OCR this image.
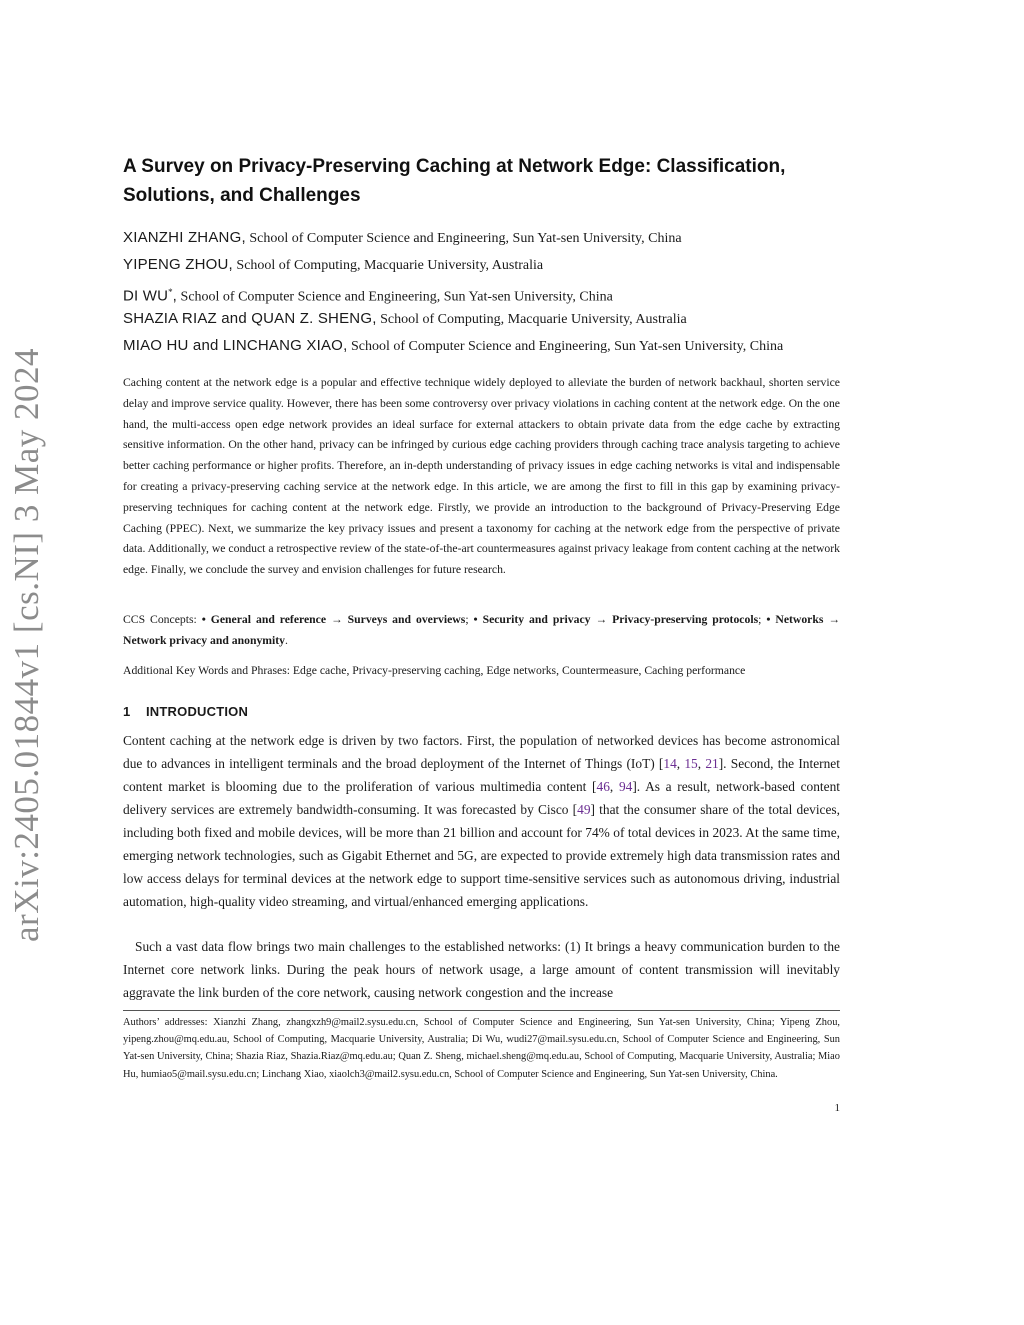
arXiv:2405.01844v1 [cs.NI] 3 May 2024
A Survey on Privacy-Preserving Caching at Network Edge: Classification, Solutions, and Challenges
XIANZHI ZHANG, School of Computer Science and Engineering, Sun Yat-sen University, China
YIPENG ZHOU, School of Computing, Macquarie University, Australia
DI WU*, School of Computer Science and Engineering, Sun Yat-sen University, China
SHAZIA RIAZ and QUAN Z. SHENG, School of Computing, Macquarie University, Australia
MIAO HU and LINCHANG XIAO, School of Computer Science and Engineering, Sun Yat-sen University, China

Caching content at the network edge is a popular and effective technique widely deployed to alleviate the burden of network backhaul, shorten service delay and improve service quality. However, there has been some controversy over privacy violations in caching content at the network edge. On the one hand, the multi-access open edge network provides an ideal surface for external attackers to obtain private data from the edge cache by extracting sensitive information. On the other hand, privacy can be infringed by curious edge caching providers through caching trace analysis targeting to achieve better caching performance or higher profits. Therefore, an in-depth understanding of privacy issues in edge caching networks is vital and indispensable for creating a privacy-preserving caching service at the network edge. In this article, we are among the first to fill in this gap by examining privacy-preserving techniques for caching content at the network edge. Firstly, we provide an introduction to the background of Privacy-Preserving Edge Caching (PPEC). Next, we summarize the key privacy issues and present a taxonomy for caching at the network edge from the perspective of private data. Additionally, we conduct a retrospective review of the state-of-the-art countermeasures against privacy leakage from content caching at the network edge. Finally, we conclude the survey and envision challenges for future research.

CCS Concepts: • General and reference → Surveys and overviews; • Security and privacy → Privacy-preserving protocols; • Networks → Network privacy and anonymity.

Additional Key Words and Phrases: Edge cache, Privacy-preserving caching, Edge networks, Countermeasure, Caching performance

1 INTRODUCTION

Content caching at the network edge is driven by two factors. First, the population of networked devices has become astronomical due to advances in intelligent terminals and the broad deployment of the Internet of Things (IoT) [14, 15, 21]. Second, the Internet content market is blooming due to the proliferation of various multimedia content [46, 94]. As a result, network-based content delivery services are extremely bandwidth-consuming. It was forecasted by Cisco [49] that the consumer share of the total devices, including both fixed and mobile devices, will be more than 21 billion and account for 74% of total devices in 2023. At the same time, emerging network technologies, such as Gigabit Ethernet and 5G, are expected to provide extremely high data transmission rates and low access delays for terminal devices at the network edge to support time-sensitive services such as autonomous driving, industrial automation, high-quality video streaming, and virtual/enhanced emerging applications.

Such a vast data flow brings two main challenges to the established networks: (1) It brings a heavy communication burden to the Internet core network links. During the peak hours of network usage, a large amount of content transmission will inevitably aggravate the link burden of the core network, causing network congestion and the increase

Authors’ addresses: Xianzhi Zhang, zhangxzh9@mail2.sysu.edu.cn, School of Computer Science and Engineering, Sun Yat-sen University, China; Yipeng Zhou, yipeng.zhou@mq.edu.au, School of Computing, Macquarie University, Australia; Di Wu, wudi27@mail.sysu.edu.cn, School of Computer Science and Engineering, Sun Yat-sen University, China; Shazia Riaz, Shazia.Riaz@mq.edu.au; Quan Z. Sheng, michael.sheng@mq.edu.au, School of Computing, Macquarie University, Australia; Miao Hu, humiao5@mail.sysu.edu.cn; Linchang Xiao, xiaolch3@mail2.sysu.edu.cn, School of Computer Science and Engineering, Sun Yat-sen University, China.

1
